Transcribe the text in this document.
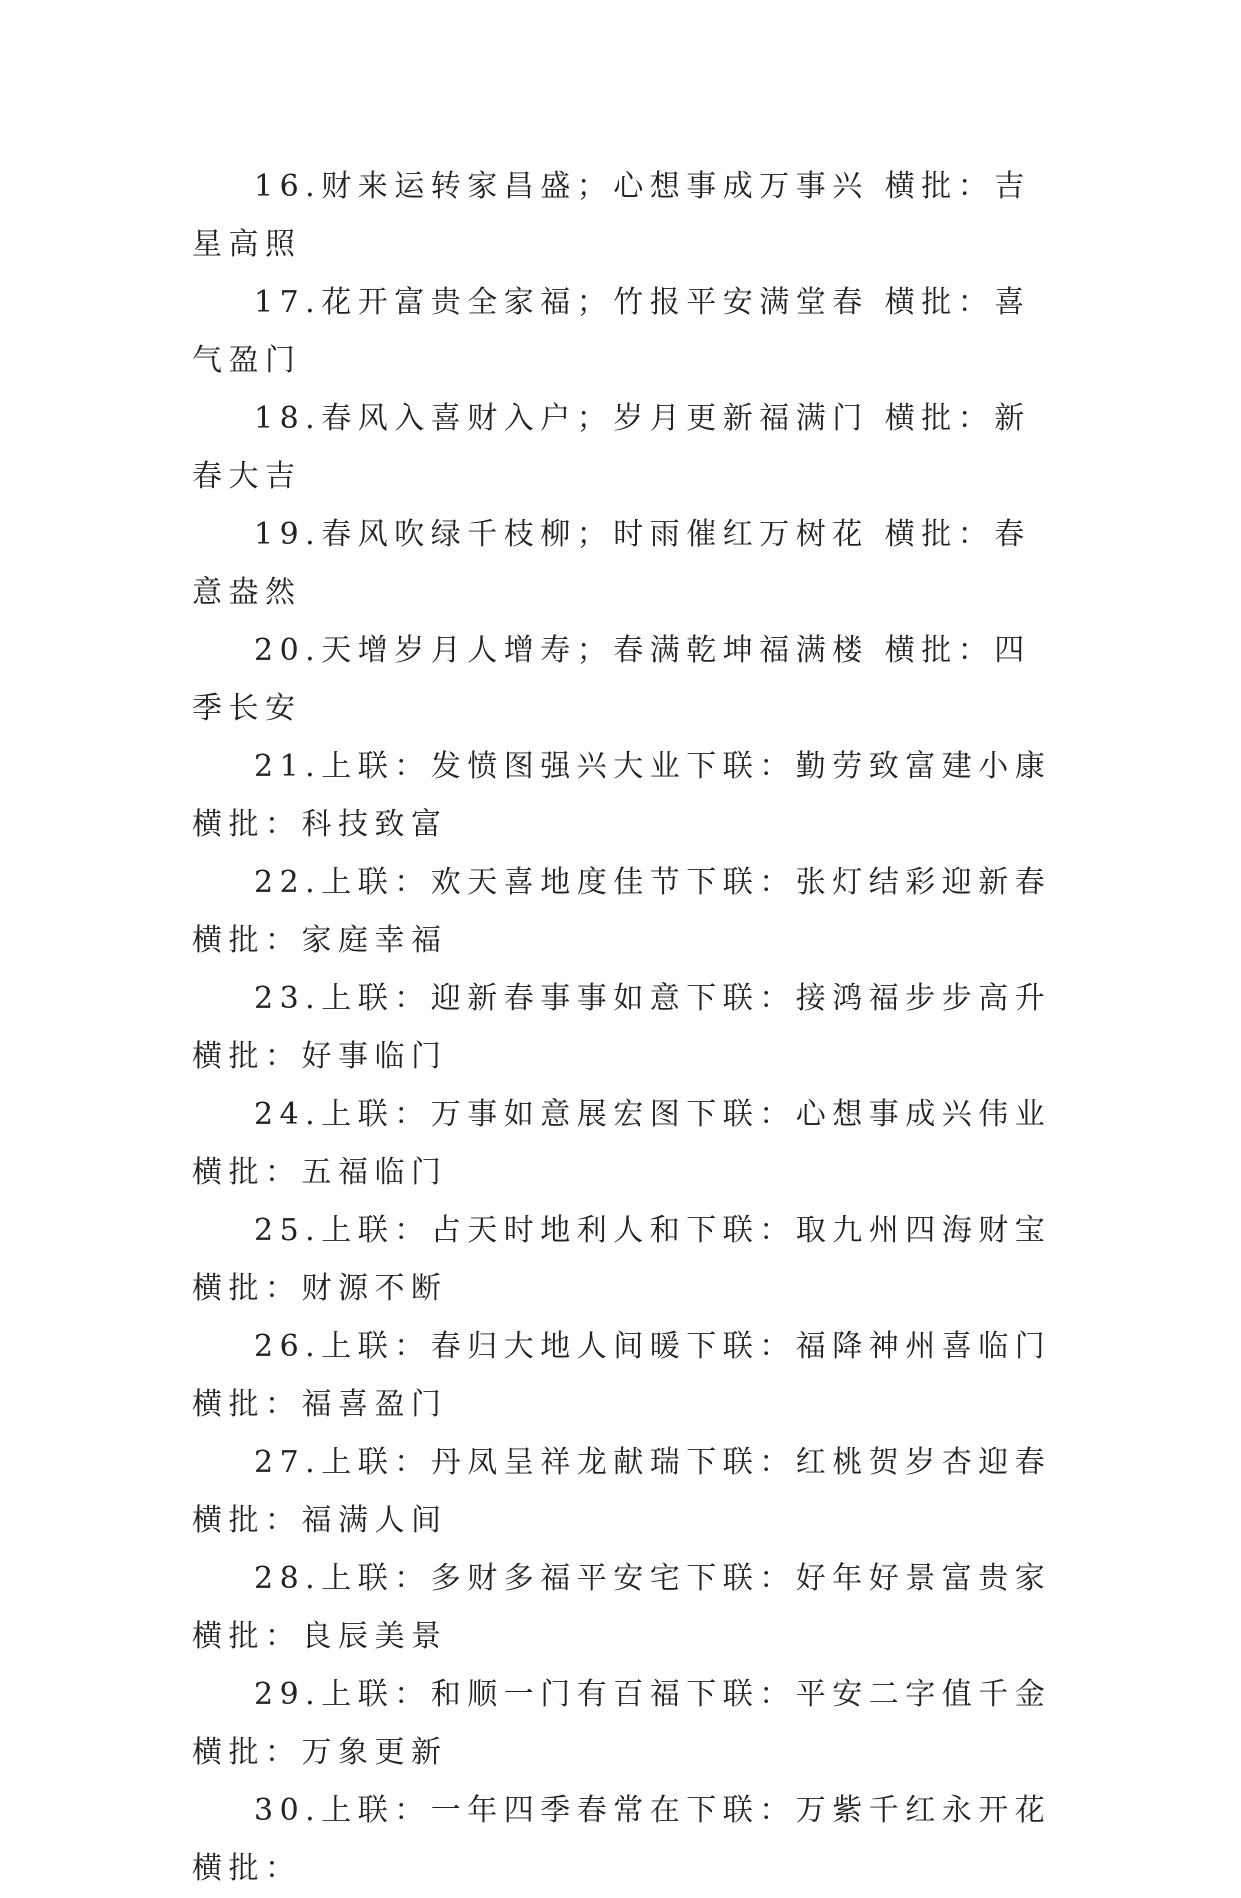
16.财来运转家昌盛；心想事成万事兴 横批：吉星高照

17.花开富贵全家福；竹报平安满堂春 横批：喜气盈门

18.春风入喜财入户；岁月更新福满门 横批：新春大吉

19.春风吹绿千枝柳；时雨催红万树花 横批：春意盎然

20.天增岁月人增寿；春满乾坤福满楼 横批：四季长安

21.上联：发愤图强兴大业下联：勤劳致富建小康 横批：科技致富

22.上联：欢天喜地度佳节下联：张灯结彩迎新春 横批：家庭幸福

23.上联：迎新春事事如意下联：接鸿福步步高升 横批：好事临门

24.上联：万事如意展宏图下联：心想事成兴伟业 横批：五福临门

25.上联：占天时地利人和下联：取九州四海财宝 横批：财源不断

26.上联：春归大地人间暖下联：福降神州喜临门 横批：福喜盈门

27.上联：丹凤呈祥龙献瑞下联：红桃贺岁杏迎春 横批：福满人间

28.上联：多财多福平安宅下联：好年好景富贵家 横批：良辰美景

29.上联：和顺一门有百福下联：平安二字值千金 横批：万象更新

30.上联：一年四季春常在下联：万紫千红永开花 横批：
